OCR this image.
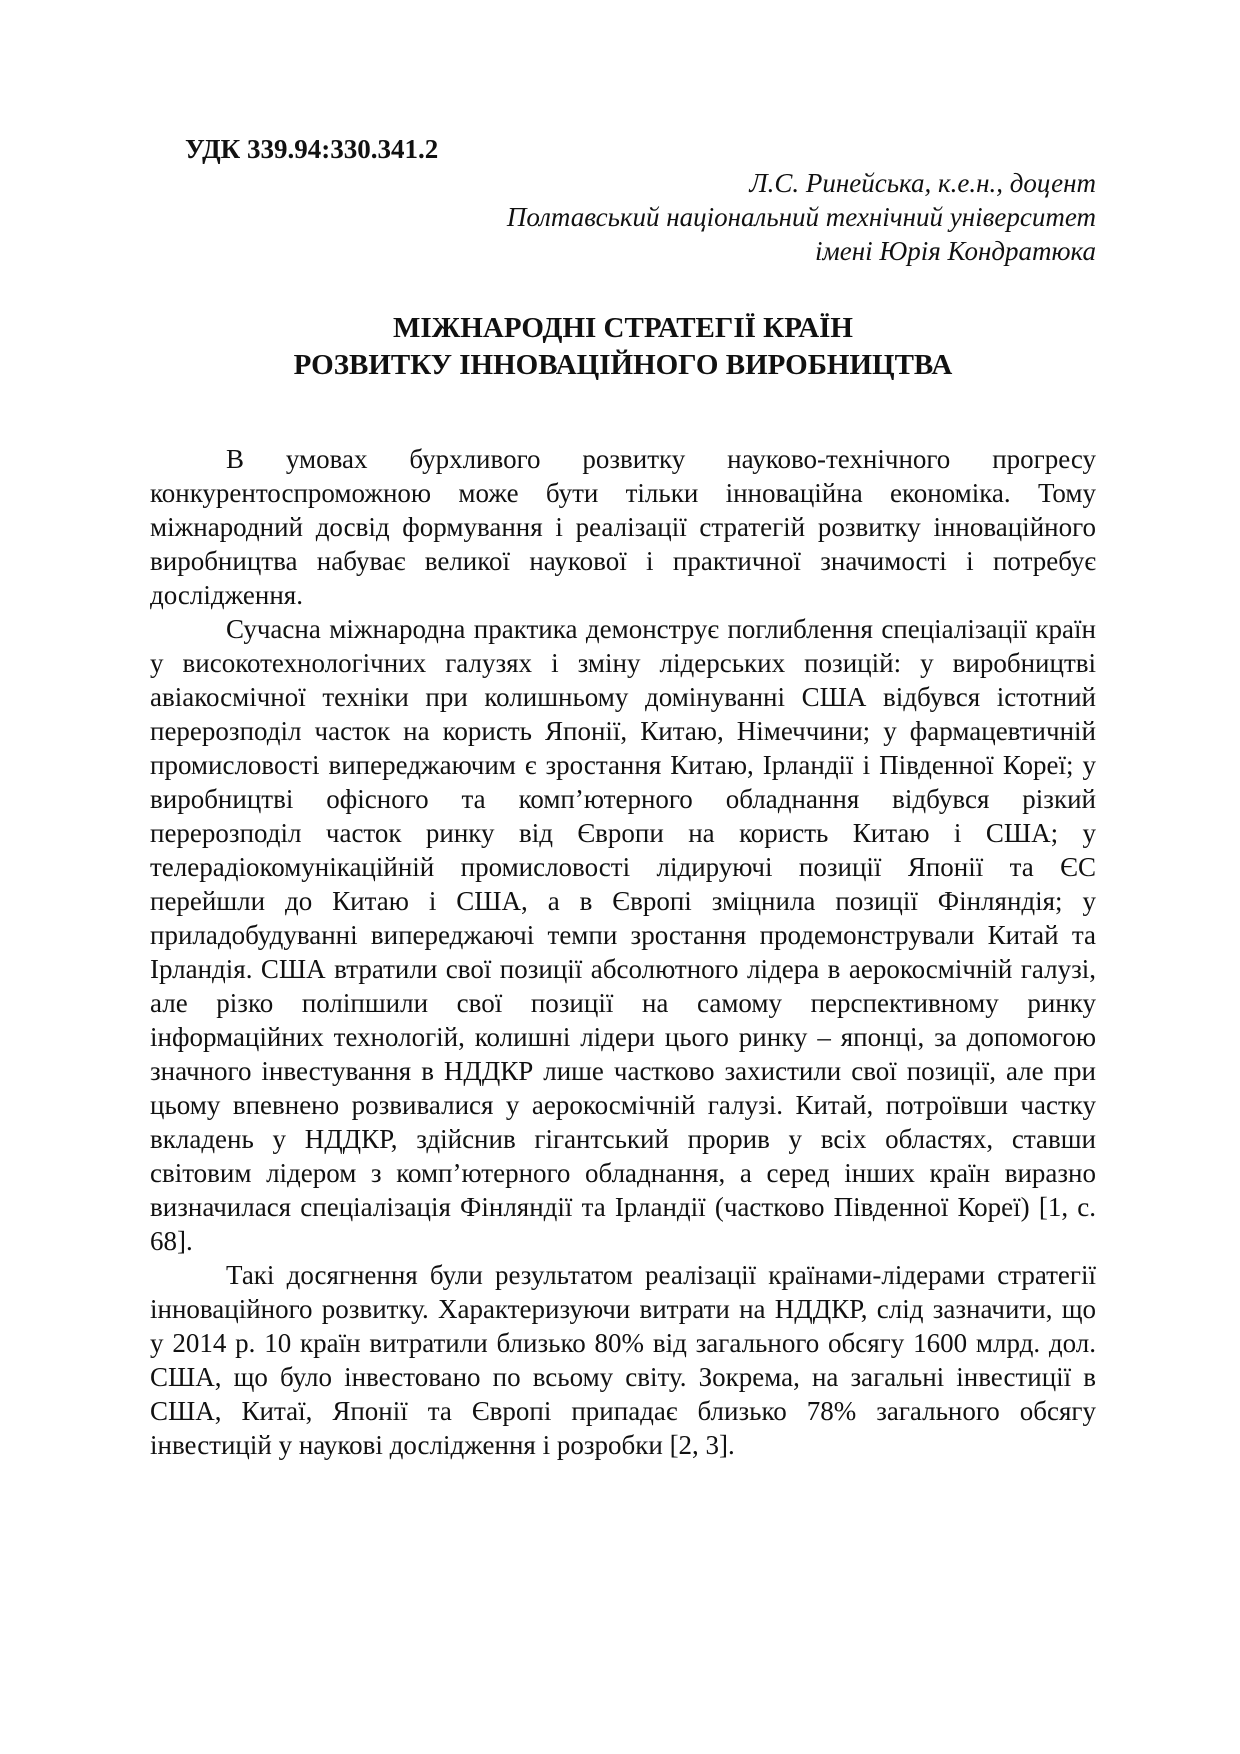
УДК 339.94:330.341.2
Л.С. Ринейська, к.е.н., доцент
Полтавський національний технічний університет
імені Юрія Кондратюка
МІЖНАРОДНІ СТРАТЕГІЇ КРАЇН
РОЗВИТКУ ІННОВАЦІЙНОГО ВИРОБНИЦТВА

В умовах бурхливого розвитку науково-технічного прогресу конкурентоспроможною може бути тільки інноваційна економіка. Тому міжнародний досвід формування і реалізації стратегій розвитку інноваційного виробництва набуває великої наукової і практичної значимості і потребує дослідження.

Сучасна міжнародна практика демонструє поглиблення спеціалізації країн у високотехнологічних галузях і зміну лідерських позицій: у виробництві авіакосмічної техніки при колишньому домінуванні США відбувся істотний перерозподіл часток на користь Японії, Китаю, Німеччини; у фармацевтичній промисловості випереджаючим є зростання Китаю, Ірландії і Південної Кореї; у виробництві офісного та комп’ютерного обладнання відбувся різкий перерозподіл часток ринку від Європи на користь Китаю і США; у телерадіокомунікаційній промисловості лідируючі позиції Японії та ЄС перейшли до Китаю і США, а в Європі зміцнила позиції Фінляндія; у приладобудуванні випереджаючі темпи зростання продемонстрували Китай та Ірландія. США втратили свої позиції абсолютного лідера в аерокосмічній галузі, але різко поліпшили свої позиції на самому перспективному ринку інформаційних технологій, колишні лідери цього ринку – японці, за допомогою значного інвестування в НДДКР лише частково захистили свої позиції, але при цьому впевнено розвивалися у аерокосмічній галузі. Китай, потроївши частку вкладень у НДДКР, здійснив гігантський прорив у всіх областях, ставши світовим лідером з комп’ютерного обладнання, а серед інших країн виразно визначилася спеціалізація Фінляндії та Ірландії (частково Південної Кореї) [1, с. 68].

Такі досягнення були результатом реалізації країнами-лідерами стратегії інноваційного розвитку. Характеризуючи витрати на НДДКР, слід зазначити, що у 2014 р. 10 країн витратили близько 80% від загального обсягу 1600 млрд. дол. США, що було інвестовано по всьому світу. Зокрема, на загальні інвестиції в США, Китаї, Японії та Європі припадає близько 78% загального обсягу інвестицій у наукові дослідження і розробки [2, 3].
